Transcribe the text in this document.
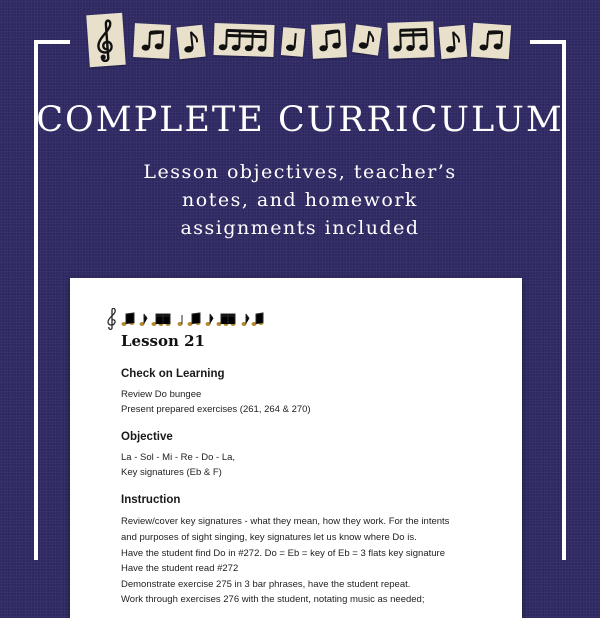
COMPLETE CURRICULUM
Lesson objectives, teacher’s notes, and homework assignments included
Lesson 21
Check on Learning
Review Do bungee
Present prepared exercises (261, 264 & 270)
Objective
La - Sol - Mi - Re - Do - La,
Key signatures (Eb & F)
Instruction
Review/cover key signatures - what they mean, how they work. For the intents
and purposes of sight singing, key signatures let us know where Do is.
Have the student find Do in #272. Do = Eb = key of Eb = 3 flats key signature
Have the student read #272
Demonstrate exercise 275 in 3 bar phrases, have the student repeat.
Work through exercises 276 with the student, notating music as needed;
